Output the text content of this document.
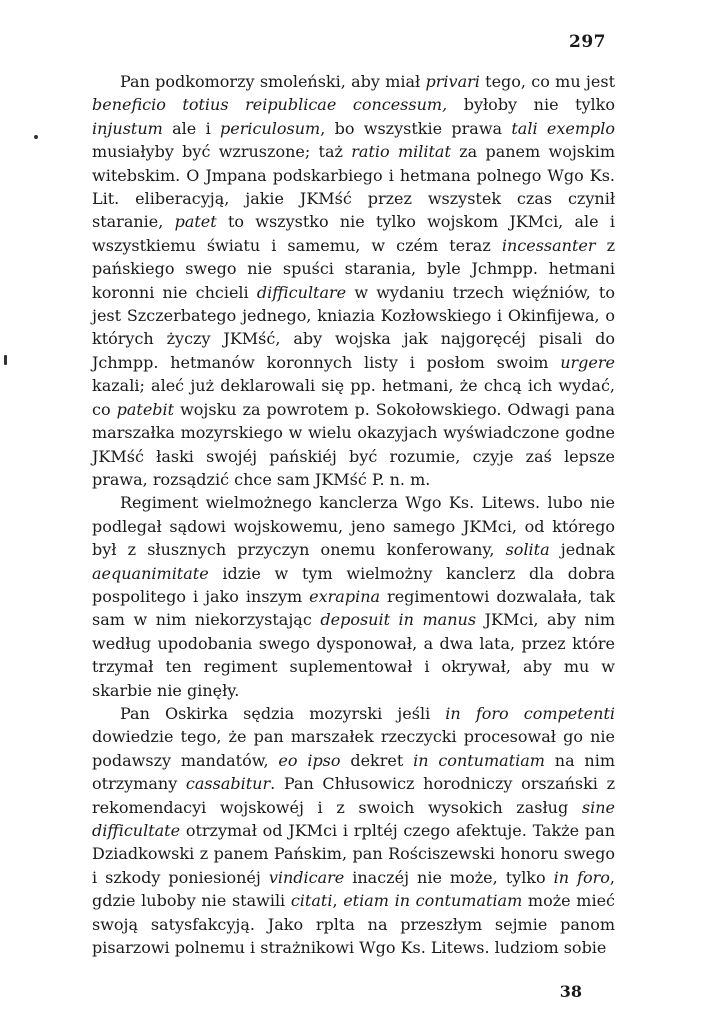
297

Pan podkomorzy smoleński, aby miał privari tego, co mu jest beneficio totius reipublicae concessum, byłoby nie tylko injustum ale i periculosum, bo wszystkie prawa tali exemplo musiałyby być wzruszone; taż ratio militat za panem wojskim witebskim. O Jmpana podskarbiego i hetmana polnego Wgo Ks. Lit. eliberacyją, jakie JKMść przez wszystek czas czynił staranie, patet to wszystko nie tylko wojskom JKMci, ale i wszystkiemu światu i samemu, w czém teraz incessanter z pańskiego swego nie spuści starania, byle Jchmpp. hetmani koronni nie chcieli difficultare w wydaniu trzech więźniów, to jest Szczerbatego jednego, kniazia Kozłowskiego i Okinfijewa, o których życzy JKMść, aby wojska jak najgoręcéj pisali do Jchmpp. hetmanów koronnych listy i posłom swoim urgere kazali; aleć już deklarowali się pp. hetmani, że chcą ich wydać, co patebit wojsku za powrotem p. Sokołowskiego. Odwagi pana marszałka mozyrskiego w wielu okazyjach wyświadczone godne JKMść łaski swojéj pańskiéj być rozumie, czyje zaś lepsze prawa, rozsądzić chce sam JKMść P. n. m.

Regiment wielmożnego kanclerza Wgo Ks. Litews. lubo nie podlegał sądowi wojskowemu, jeno samego JKMci, od którego był z słusznych przyczyn onemu konferowany, solita jednak aequanimitate idzie w tym wielmożny kanclerz dla dobra pospolitego i jako inszym exrapina regimentowi dozwalała, tak sam w nim niekorzystając deposuit in manus JKMci, aby nim według upodobania swego dysponował, a dwa lata, przez które trzymał ten regiment suplementował i okrywał, aby mu w skarbie nie ginęły.

Pan Oskirka sędzia mozyrski jeśli in foro competenti dowiedzie tego, że pan marszałek rzeczycki procesował go nie podawszy mandatów, eo ipso dekret in contumatiam na nim otrzymany cassabitur. Pan Chłusowicz horodniczy orszański z rekomendacyi wojskowéj i z swoich wysokich zasług sine difficultate otrzymał od JKMci i rpltéj czego afektuje. Także pan Dziadkowski z panem Pańskim, pan Rościszewski honoru swego i szkody poniesionéj vindicare inaczéj nie może, tylko in foro, gdzie luboby nie stawili citati, etiam in contumatiam może mieć swoją satysfakcyją. Jako rplta na przeszłym sejmie panom pisarzowi polnemu i strażnikowi Wgo Ks. Litews. ludziom sobie

38
